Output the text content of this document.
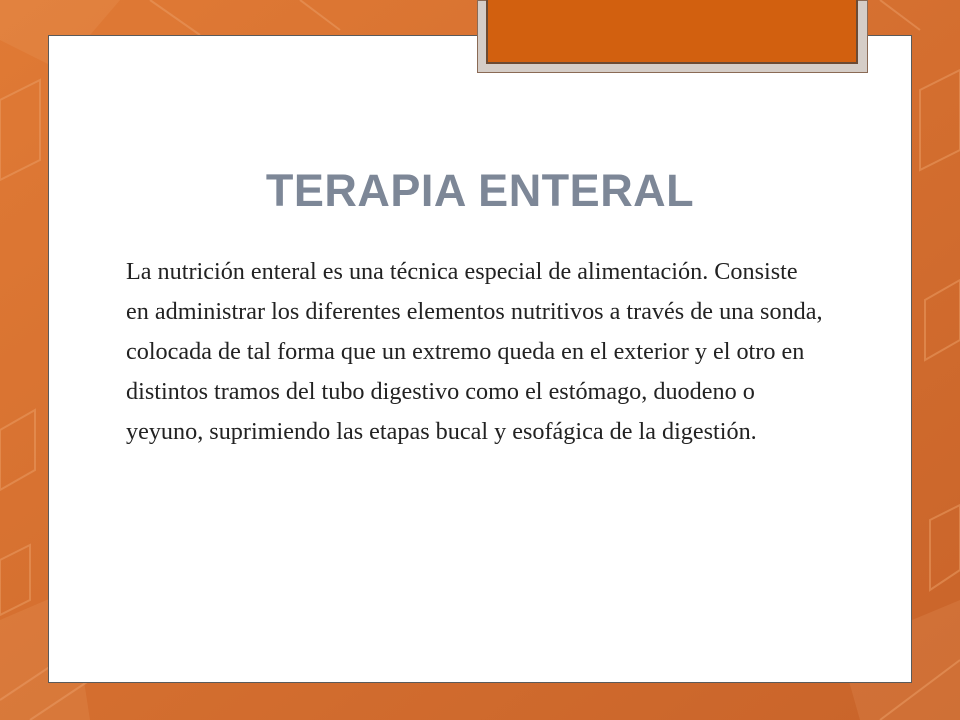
TERAPIA ENTERAL

La nutrición enteral es una técnica especial de alimentación. Consiste en administrar los diferentes elementos nutritivos a través de una sonda, colocada de tal forma que un extremo queda en el exterior y el otro en distintos tramos del tubo digestivo como el estómago, duodeno o yeyuno, suprimiendo las etapas bucal y esofágica de la digestión.
